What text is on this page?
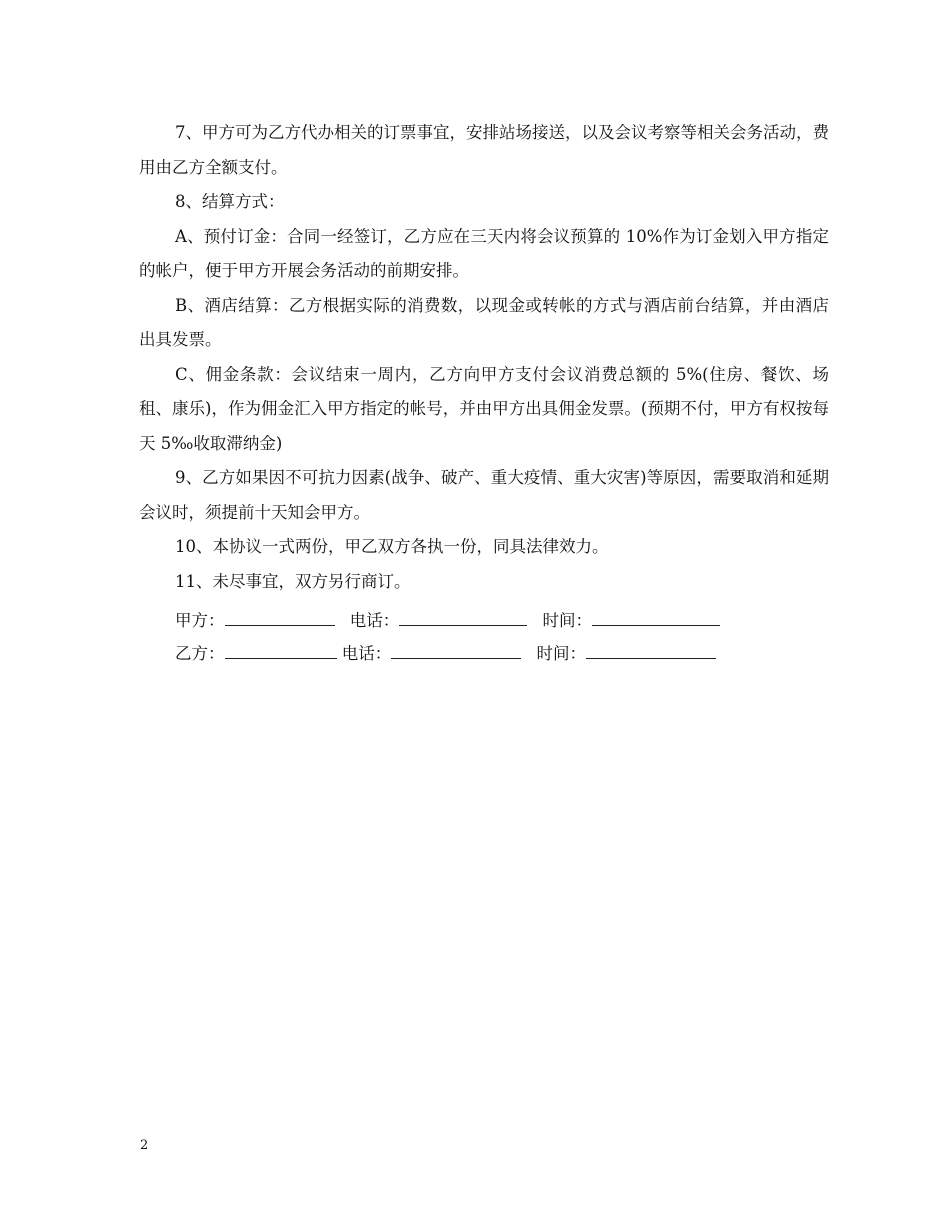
7、甲方可为乙方代办相关的订票事宜，安排站场接送，以及会议考察等相关会务活动，费用由乙方全额支付。

8、结算方式：

A、预付订金：合同一经签订，乙方应在三天内将会议预算的 10%作为订金划入甲方指定的帐户，便于甲方开展会务活动的前期安排。

B、酒店结算：乙方根据实际的消费数，以现金或转帐的方式与酒店前台结算，并由酒店出具发票。

C、佣金条款：会议结束一周内，乙方向甲方支付会议消费总额的 5%(住房、餐饮、场租、康乐)，作为佣金汇入甲方指定的帐号，并由甲方出具佣金发票。(预期不付，甲方有权按每天 5‰收取滞纳金)

9、乙方如果因不可抗力因素(战争、破产、重大疫情、重大灾害)等原因，需要取消和延期会议时，须提前十天知会甲方。

10、本协议一式两份，甲乙双方各执一份，同具法律效力。

11、未尽事宜，双方另行商订。

甲方：	电话：	时间：
乙方：	电话：	时间：
2
